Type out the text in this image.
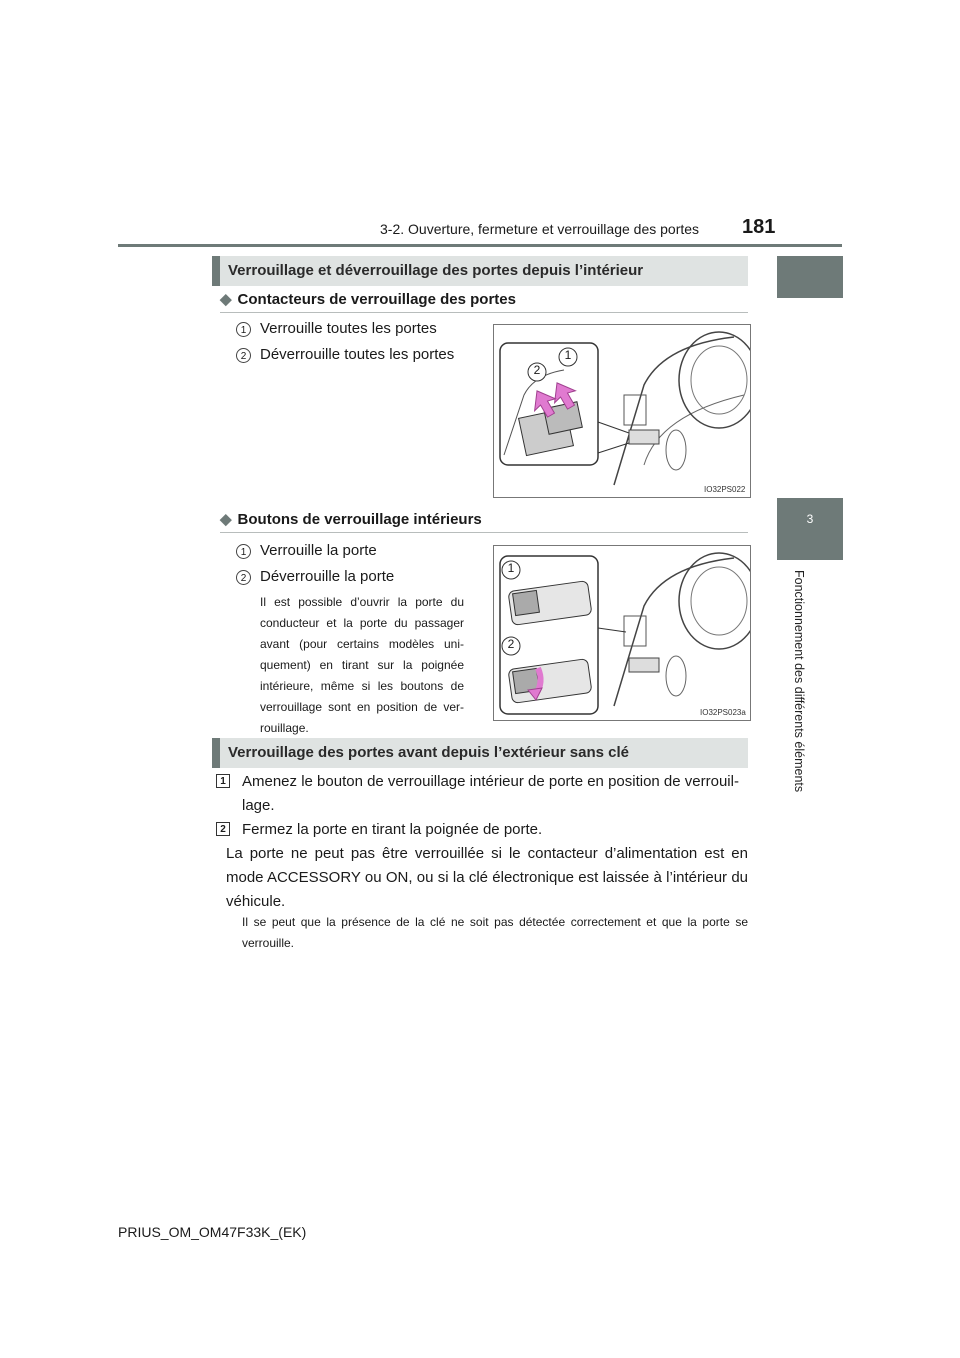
3-2. Ouverture, fermeture et verrouillage des portes 181
3
Fonctionnement des différents éléments
Verrouillage et déverrouillage des portes depuis l’intérieur
◆ Contacteurs de verrouillage des portes
1 Verrouille toutes les portes
2 Déverrouille toutes les portes	1
2
IO32PS022
◆ Boutons de verrouillage intérieurs
1 Verrouille la porte
2 Déverrouille la porte
Il est possible d’ouvrir la porte du conducteur et la porte du passager avant (pour certains modèles uni-quement) en tirant sur la poignée intérieure, même si les boutons de verrouillage sont en position de ver-rouillage.
1
2
IO32PS023a
Verrouillage des portes avant depuis l’extérieur sans clé
1 Amenez le bouton de verrouillage intérieur de porte en position de verrouil-lage.
2 Fermez la porte en tirant la poignée de porte.
La porte ne peut pas être verrouillée si le contacteur d’alimentation est en mode ACCESSORY ou ON, ou si la clé électronique est laissée à l’intérieur du véhicule.
Il se peut que la présence de la clé ne soit pas détectée correctement et que la porte se verrouille.
PRIUS_OM_OM47F33K_(EK)
